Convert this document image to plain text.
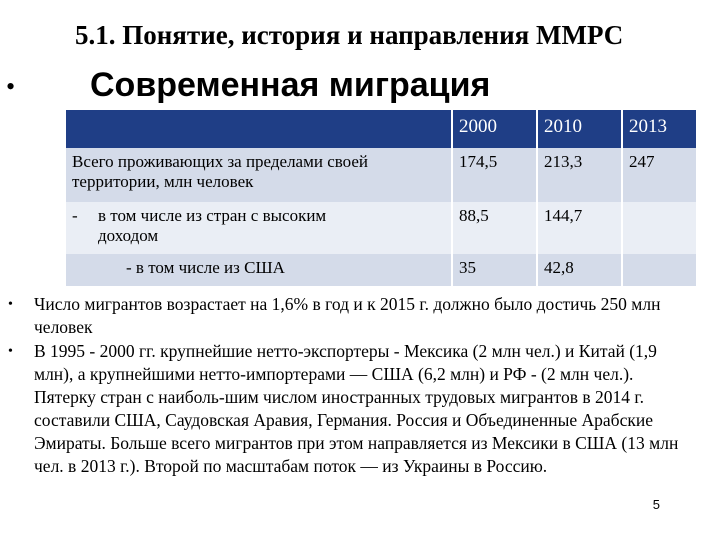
5.1. Понятие, история и направления ММРС
• Современная миграция
	2000	2010	2013
Всего проживающих за пределами своей территории, млн человек	174,5	213,3	247

- в том числе из стран с высоким доходом	88,5	144,7	
- в том числе из США	35	42,8	
• Число мигрантов возрастает на 1,6% в год и к 2015 г. должно было достичь 250 млн человек
• В 1995 - 2000 гг. крупнейшие нетто-экспортеры - Мексика (2 млн чел.) и Китай (1,9 млн), а крупнейшими нетто-импортерами — США (6,2 млн) и РФ - (2 млн чел.). Пятерку стран с наиболь-шим числом иностранных трудовых мигрантов в 2014 г. составили США, Саудовская Аравия, Германия. Россия и Объединенные Арабские Эмираты. Больше всего мигрантов при этом направляется из Мексики в США (13 млн чел. в 2013 г.). Второй по масштабам поток — из Украины в Россию.
5
